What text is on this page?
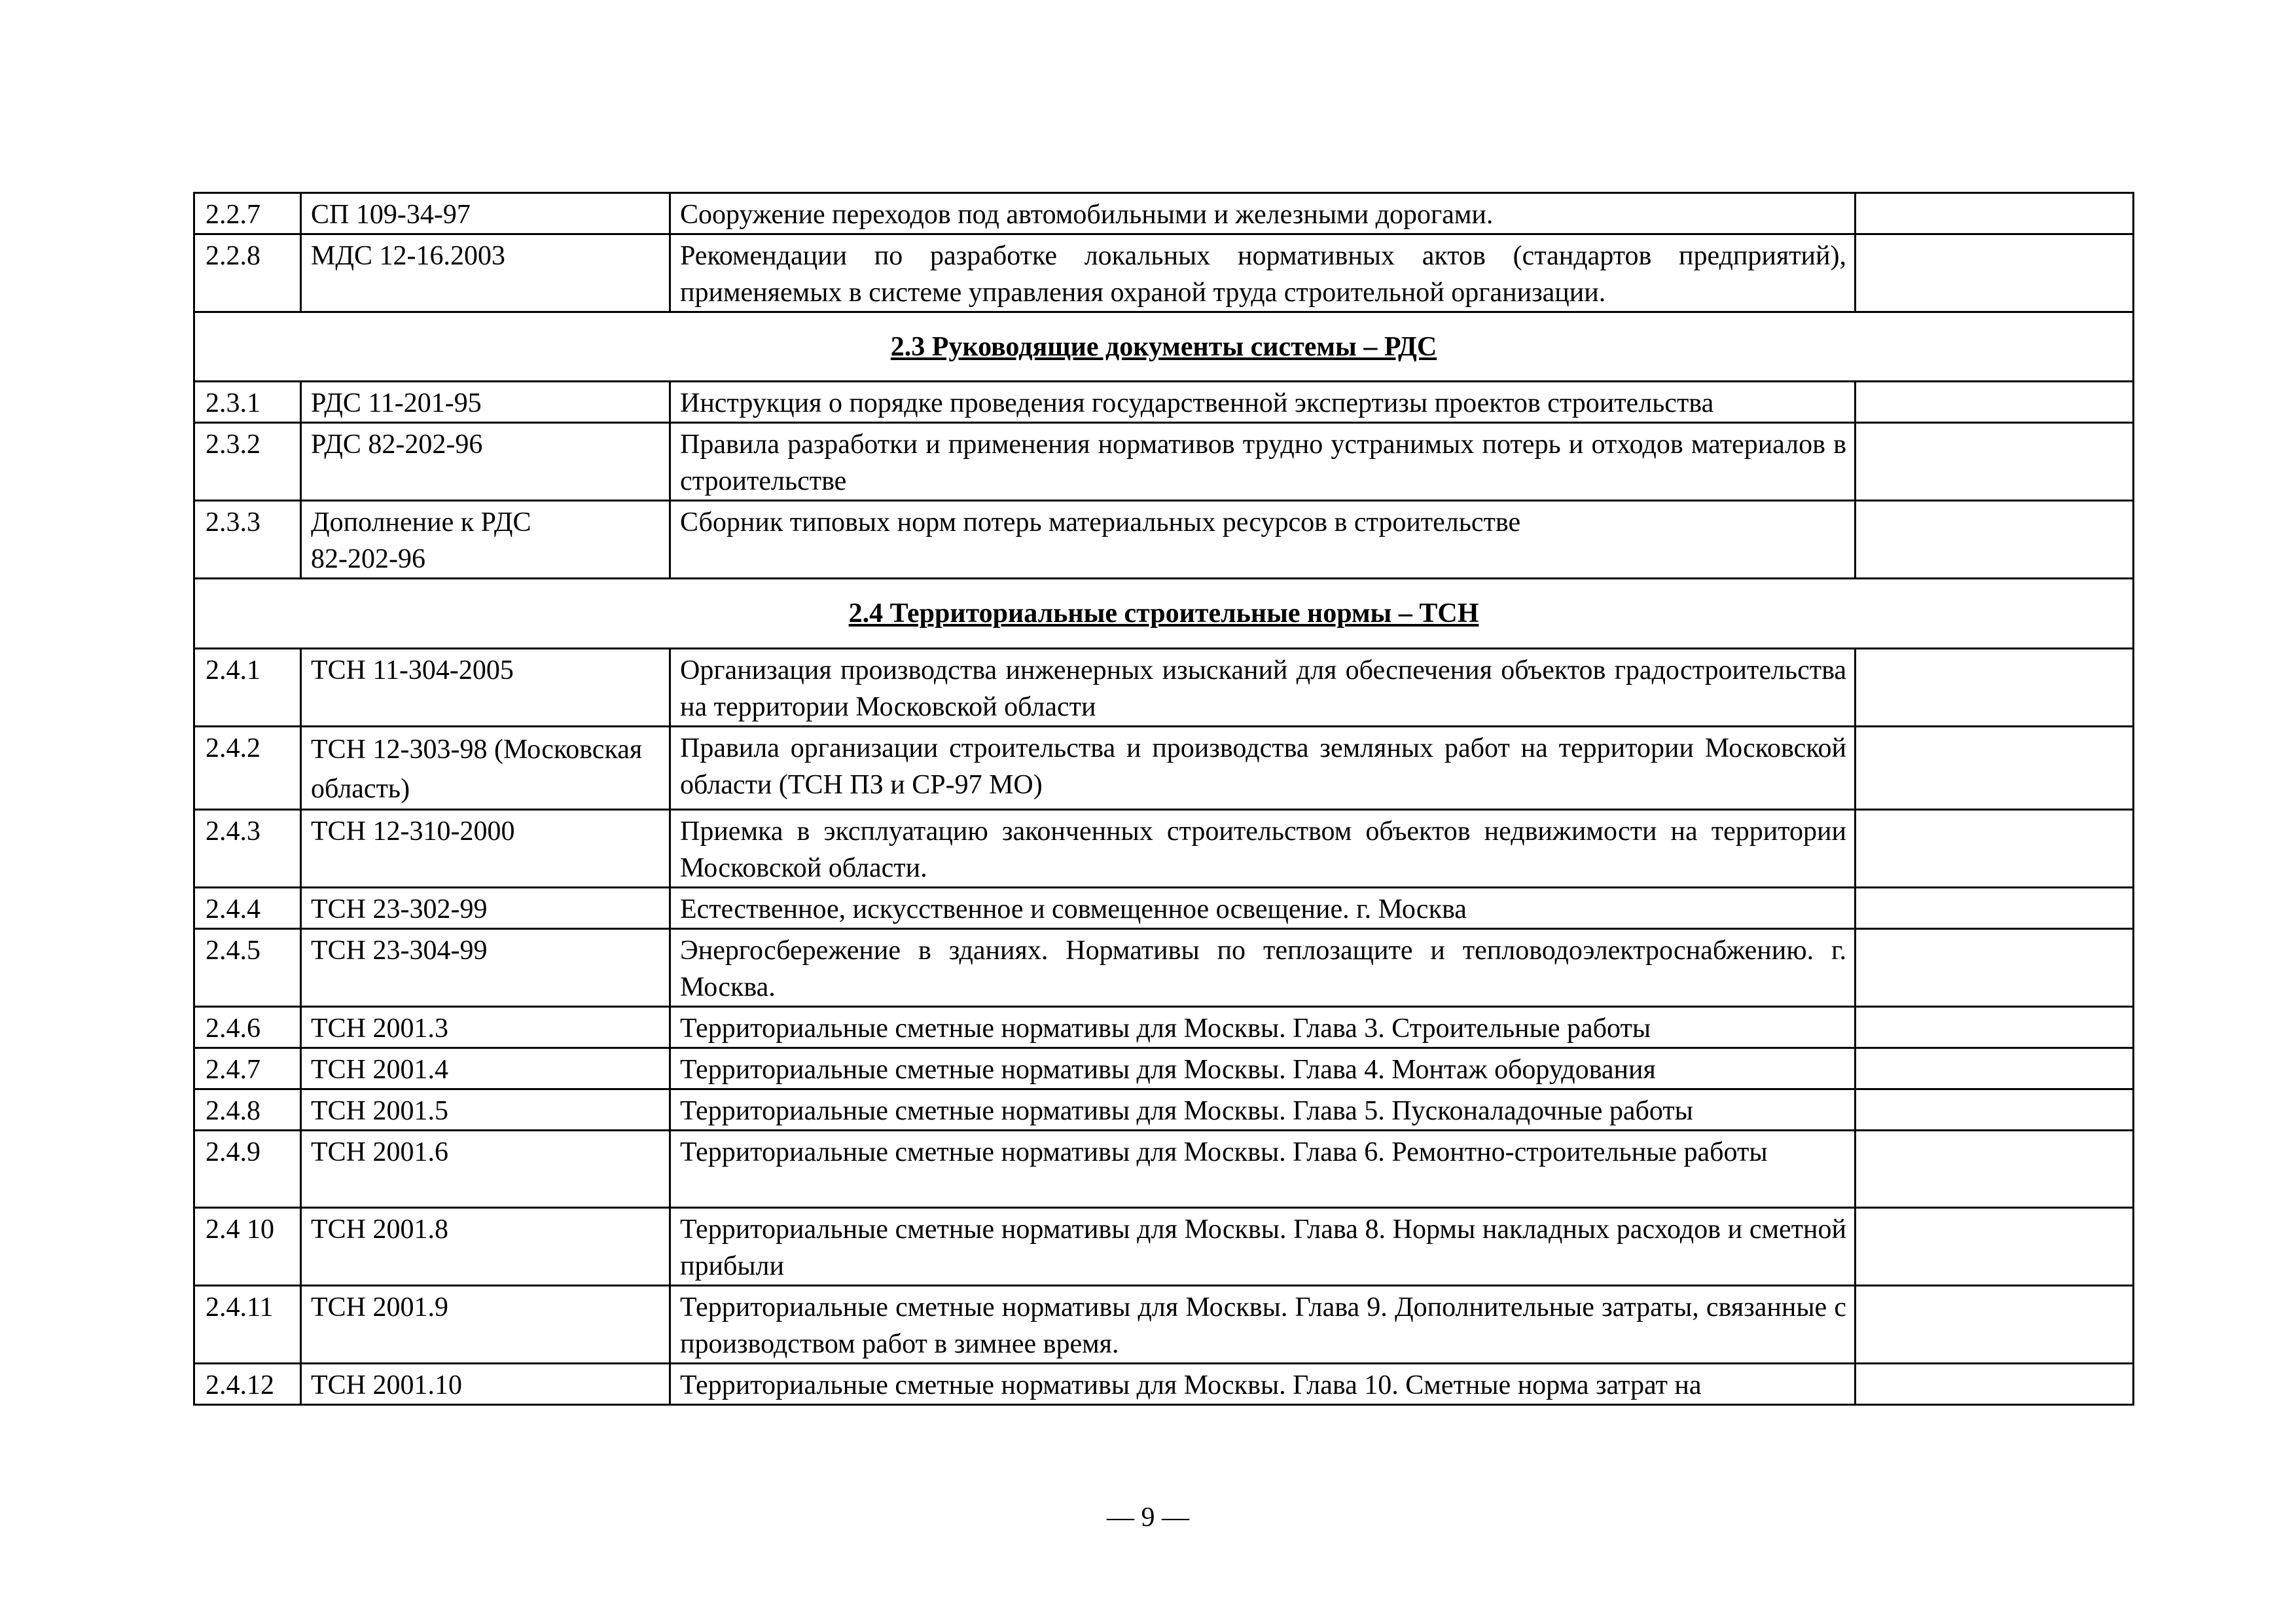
2.2.7	СП 109-34-97	Сооружение переходов под автомобильными и железными дорогами.	
2.2.8	МДС 12-16.2003	Рекомендации по разработке локальных нормативных актов (стандартов предприятий), применяемых в системе управления охраной труда строительной организации.	
2.3 Руководящие документы системы – РДС			
2.3.1	РДС 11-201-95	Инструкция о порядке проведения государственной экспертизы проектов строительства	
2.3.2	РДС 82-202-96	Правила разработки и применения нормативов трудно устранимых потерь и отходов материалов в строительстве	
2.3.3	Дополнение к РДС 82-202-96	Сборник типовых норм потерь материальных ресурсов в строительстве	
2.4 Территориальные строительные нормы – ТСН			
2.4.1	ТСН 11-304-2005	Организация производства инженерных изысканий для обеспечения объектов градостроительства на территории Московской области	
2.4.2	ТСН 12-303-98 (Московская область)	Правила организации строительства и производства земляных работ на территории Московской области (ТСН ПЗ и СР-97 МО)	
2.4.3	ТСН 12-310-2000	Приемка в эксплуатацию законченных строительством объектов недвижимости на территории Московской области.	
2.4.4	ТСН 23-302-99	Естественное, искусственное и совмещенное освещение. г. Москва	
2.4.5	ТСН 23-304-99	Энергосбережение в зданиях. Нормативы по теплозащите и тепловодоэлектроснабжению. г. Москва.	
2.4.6	ТСН 2001.3	Территориальные сметные нормативы для Москвы. Глава 3. Строительные работы	
2.4.7	ТСН 2001.4	Территориальные сметные нормативы для Москвы. Глава 4. Монтаж оборудования	
2.4.8	ТСН 2001.5	Территориальные сметные нормативы для Москвы. Глава 5. Пусконаладочные работы	
2.4.9	ТСН 2001.6	Территориальные сметные нормативы для Москвы. Глава 6. Ремонтно-строительные работы	
2.4 10	ТСН 2001.8	Территориальные сметные нормативы для Москвы. Глава 8. Нормы накладных расходов и сметной прибыли	
2.4.11	ТСН 2001.9	Территориальные сметные нормативы для Москвы. Глава 9. Дополнительные затраты, связанные с производством работ в зимнее время.	
2.4.12	ТСН 2001.10	Территориальные сметные нормативы для Москвы. Глава 10. Сметные норма затрат на	
— 9 —
